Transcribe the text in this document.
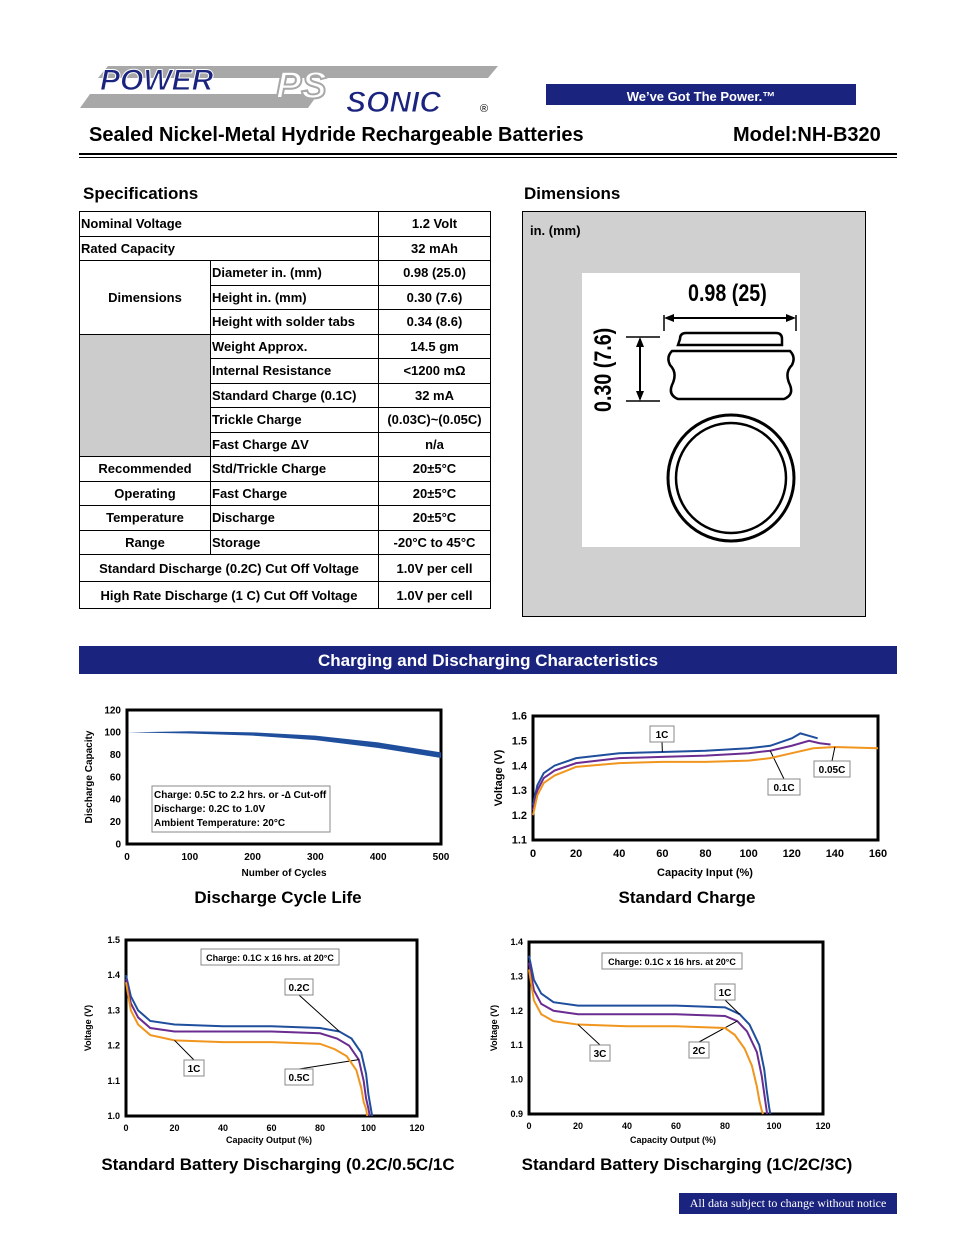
POWER PS SONIC	®
We’ve Got The Power.™
Sealed Nickel-Metal Hydride Rechargeable Batteries	Model:NH-B320
Specifications
Nominal Voltage		1.2 Volt
Rated Capacity		32 mAh
Dimensions	Diameter in. (mm)	0.98 (25.0)
	Height in. (mm)	0.30 (7.6)
	Height with solder tabs	0.34 (8.6)
	Weight Approx.	14.5 gm
	Internal Resistance	<1200 mΩ
	Standard Charge (0.1C)	32 mA
	Trickle Charge	(0.03C)~(0.05C)
	Fast Charge ΔV	n/a
Recommended	Std/Trickle Charge	20±5°C
Operating	Fast Charge	20±5°C
Temperature	Discharge	20±5°C
Range	Storage	-20°C to 45°C
Standard Discharge (0.2C) Cut Off Voltage		1.0V per cell
High Rate Discharge (1 C) Cut Off Voltage		1.0V per cell
Dimensions
in. (mm)
0.98 (25)
0.30 (7.6)
Charging and Discharging Characteristics
0	100	200	300	400	500
0
20
40
60
80
100
120
Charge: 0.5C to 2.2 hrs. or -∆ Cut-off
Discharge: 0.2C to 1.0V
Ambient Temperature: 20°C
Number of Cycles
Discharge Capacity
Discharge Cycle Life
0	20	40	60	80	100 120 140 160
1.1
1.2
1.3
1.4
1.5
1.6
1C
0.1C
0.05C
Capacity Input (%)
Voltage (V)
Standard Charge
0	20	40	60	80	100	120
1.0
1.1
1.2
1.3
1.4
1.5
0.2C
0.5C
1C
Charge: 0.1C x 16 hrs. at 20°C
Capacity Output (%)
Voltage (V)
Standard Battery Discharging (0.2C/0.5C/1C
0	20	40	60	80	100	120
0.9
1.0
1.1
1.2
1.3
1.4
1C
2C
3C
Charge: 0.1C x 16 hrs. at 20°C
Capacity Output (%)
Voltage (V)
Standard Battery Discharging (1C/2C/3C)
All data subject to change without notice
